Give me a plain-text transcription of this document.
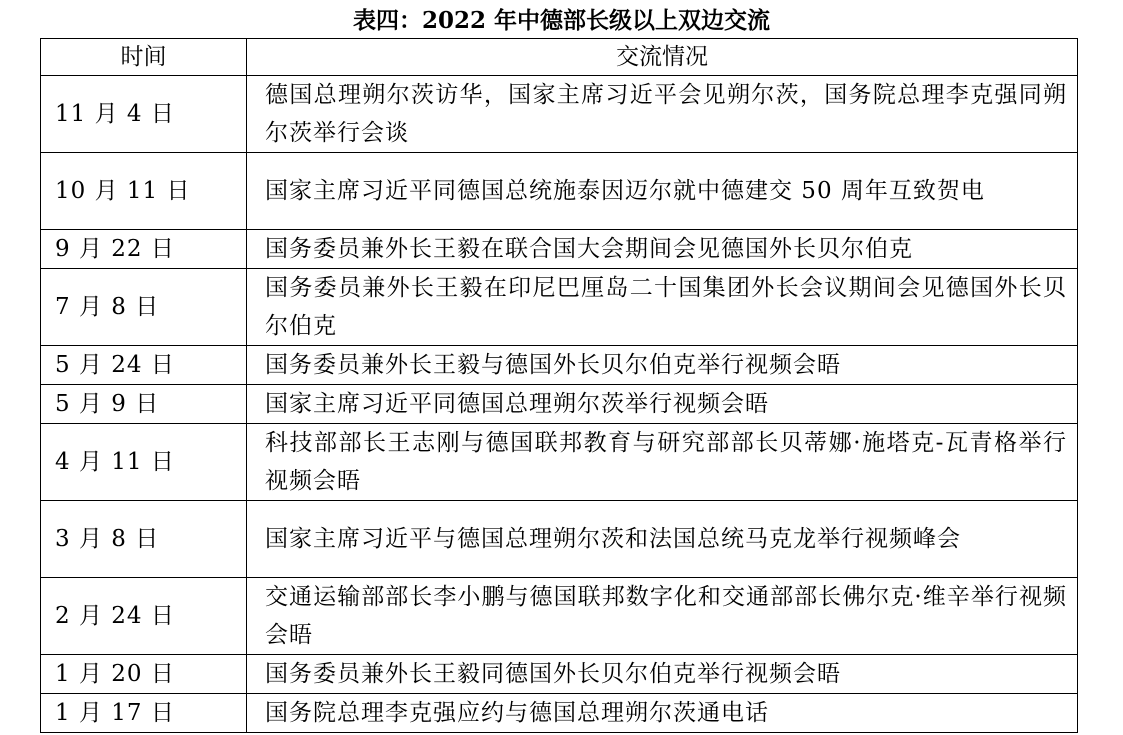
表四：2022 年中德部长级以上双边交流
时间	交流情况
11 月 4 日	德国总理朔尔茨访华，国家主席习近平会见朔尔茨，国务院总理李克强同朔尔茨举行会谈
10 月 11 日	国家主席习近平同德国总统施泰因迈尔就中德建交 50 周年互致贺电
9 月 22 日	国务委员兼外长王毅在联合国大会期间会见德国外长贝尔伯克
7 月 8 日	国务委员兼外长王毅在印尼巴厘岛二十国集团外长会议期间会见德国外长贝尔伯克
5 月 24 日	国务委员兼外长王毅与德国外长贝尔伯克举行视频会晤
5 月 9 日	国家主席习近平同德国总理朔尔茨举行视频会晤
4 月 11 日	科技部部长王志刚与德国联邦教育与研究部部长贝蒂娜·施塔克-瓦青格举行视频会晤
3 月 8 日	国家主席习近平与德国总理朔尔茨和法国总统马克龙举行视频峰会
2 月 24 日	交通运输部部长李小鹏与德国联邦数字化和交通部部长佛尔克·维辛举行视频会晤
1 月 20 日	国务委员兼外长王毅同德国外长贝尔伯克举行视频会晤
1 月 17 日	国务院总理李克强应约与德国总理朔尔茨通电话
